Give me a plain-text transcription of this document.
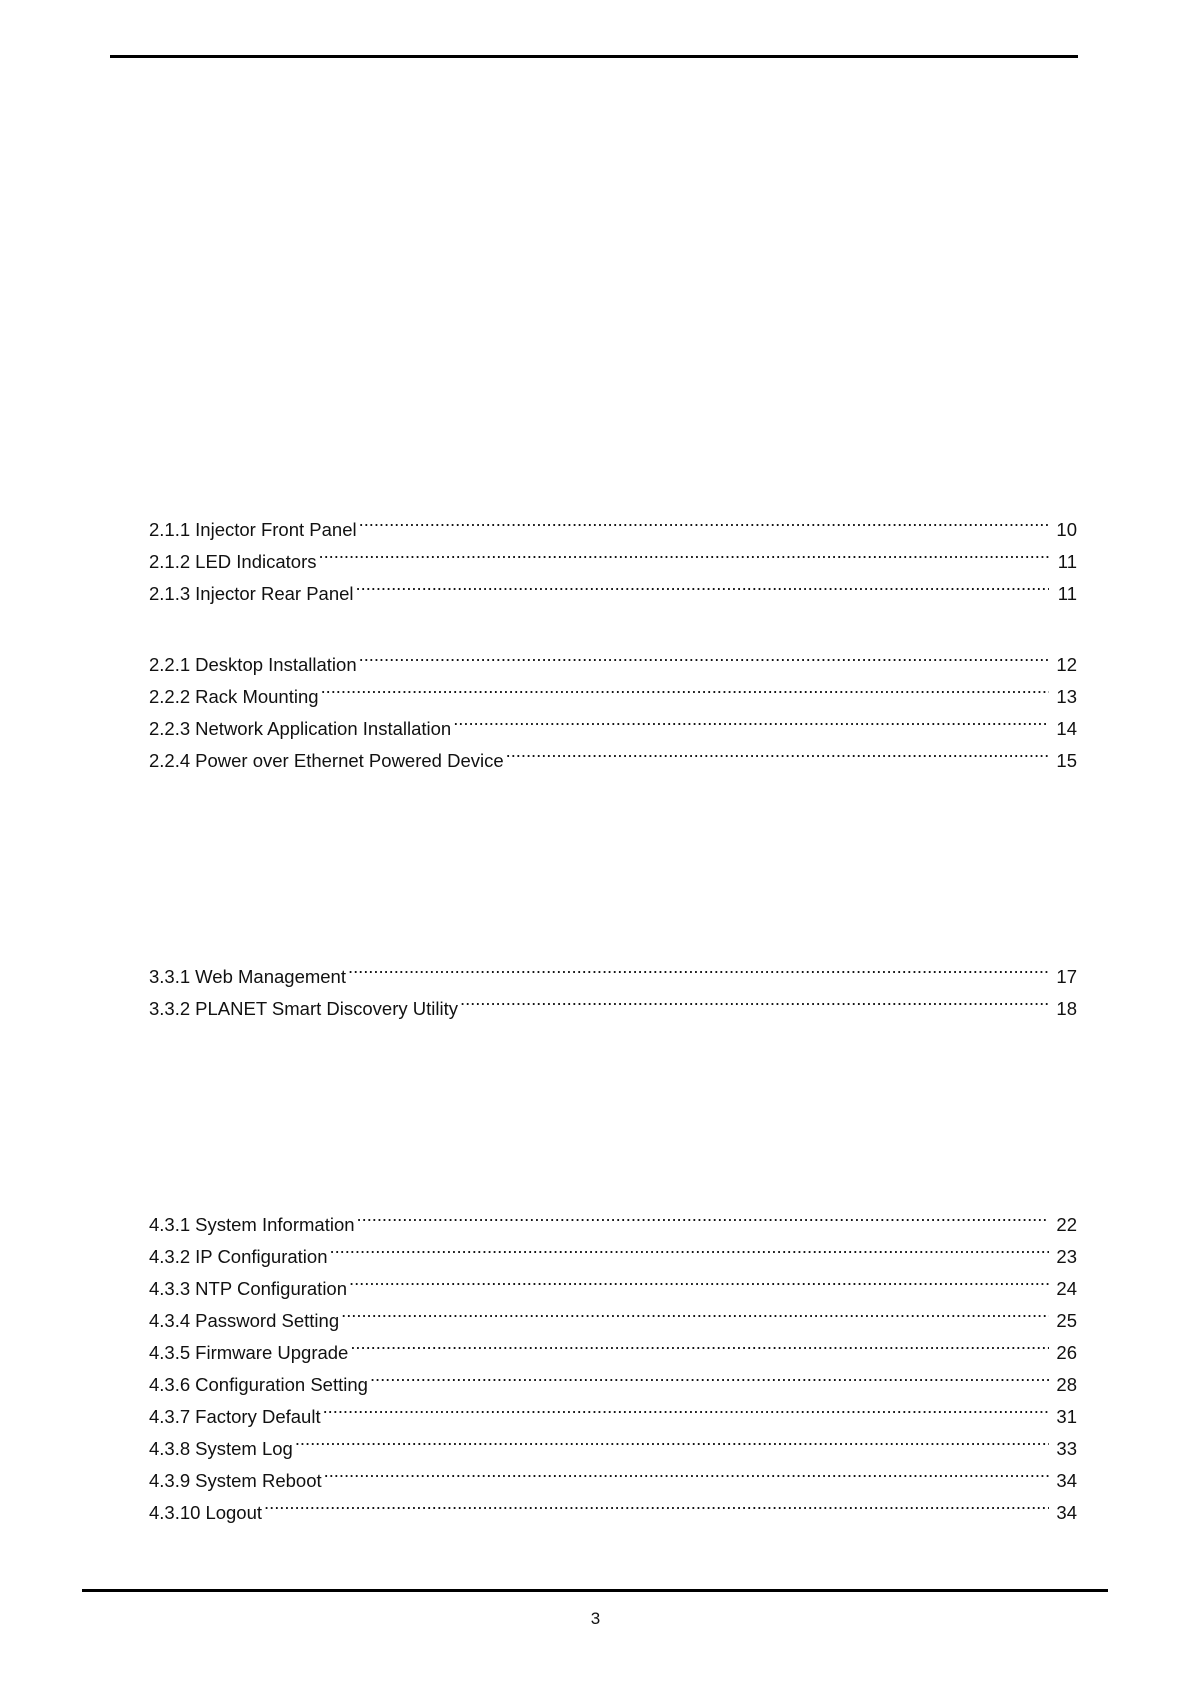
2.1.1 Injector Front Panel . . .	10
2.1.2 LED Indicators . . .	11
2.1.3 Injector Rear Panel . . .	11
2.2.1 Desktop Installation . . .	12
2.2.2 Rack Mounting . . .	13
2.2.3 Network Application Installation . . .	14
2.2.4 Power over Ethernet Powered Device . . .	15
3.3.1 Web Management . . .	17
3.3.2 PLANET Smart Discovery Utility . . .	18
4.3.1 System Information . . .	22
4.3.2 IP Configuration . . .	23
4.3.3 NTP Configuration . . .	24
4.3.4 Password Setting . . .	25
4.3.5 Firmware Upgrade . . .	26
4.3.6 Configuration Setting . . .	28
4.3.7 Factory Default . . .	31
4.3.8 System Log . . .	33
4.3.9 System Reboot . . .	34
4.3.10 Logout . . .	34
3
